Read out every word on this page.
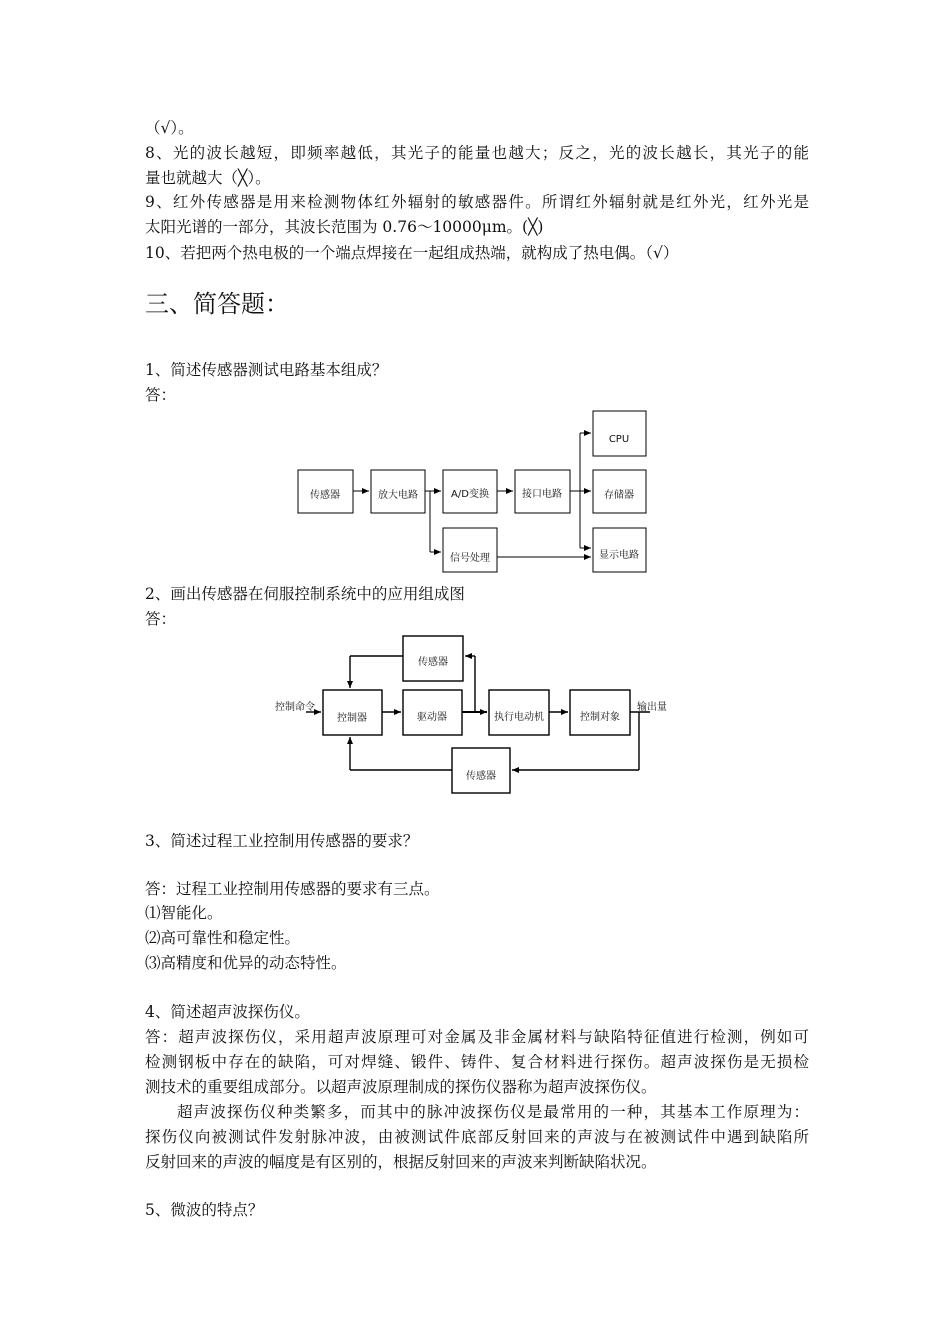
（√）。
8、光的波长越短，即频率越低，其光子的能量也越大；反之，光的波长越长，其光子的能
量也就越大（╳）。
9、红外传感器是用来检测物体红外辐射的敏感器件。所谓红外辐射就是红外光，红外光是
太阳光谱的一部分，其波长范围为 0.76～10000μm。(╳)
10、若把两个热电极的一个端点焊接在一起组成热端，就构成了热电偶。（√）
三、简答题：
1、简述传感器测试电路基本组成？
答：
传感器	放大电路	A/D变换	接口电路
CPU
存储器
显示电路
信号处理
2、画出传感器在伺服控制系统中的应用组成图
答：
控制命令
控制器	驱动器	执行电动机	控制对象
输出量
传感器
传感器
3、简述过程工业控制用传感器的要求？
答：过程工业控制用传感器的要求有三点。
⑴智能化。
⑵高可靠性和稳定性。
⑶高精度和优异的动态特性。
4、简述超声波探伤仪。
答：超声波探伤仪，采用超声波原理可对金属及非金属材料与缺陷特征值进行检测，例如可
检测钢板中存在的缺陷，可对焊缝、锻件、铸件、复合材料进行探伤。超声波探伤是无损检
测技术的重要组成部分。以超声波原理制成的探伤仪器称为超声波探伤仪。
超声波探伤仪种类繁多，而其中的脉冲波探伤仪是最常用的一种，其基本工作原理为：
探伤仪向被测试件发射脉冲波，由被测试件底部反射回来的声波与在被测试件中遇到缺陷所
反射回来的声波的幅度是有区别的，根据反射回来的声波来判断缺陷状况。
5、微波的特点？
